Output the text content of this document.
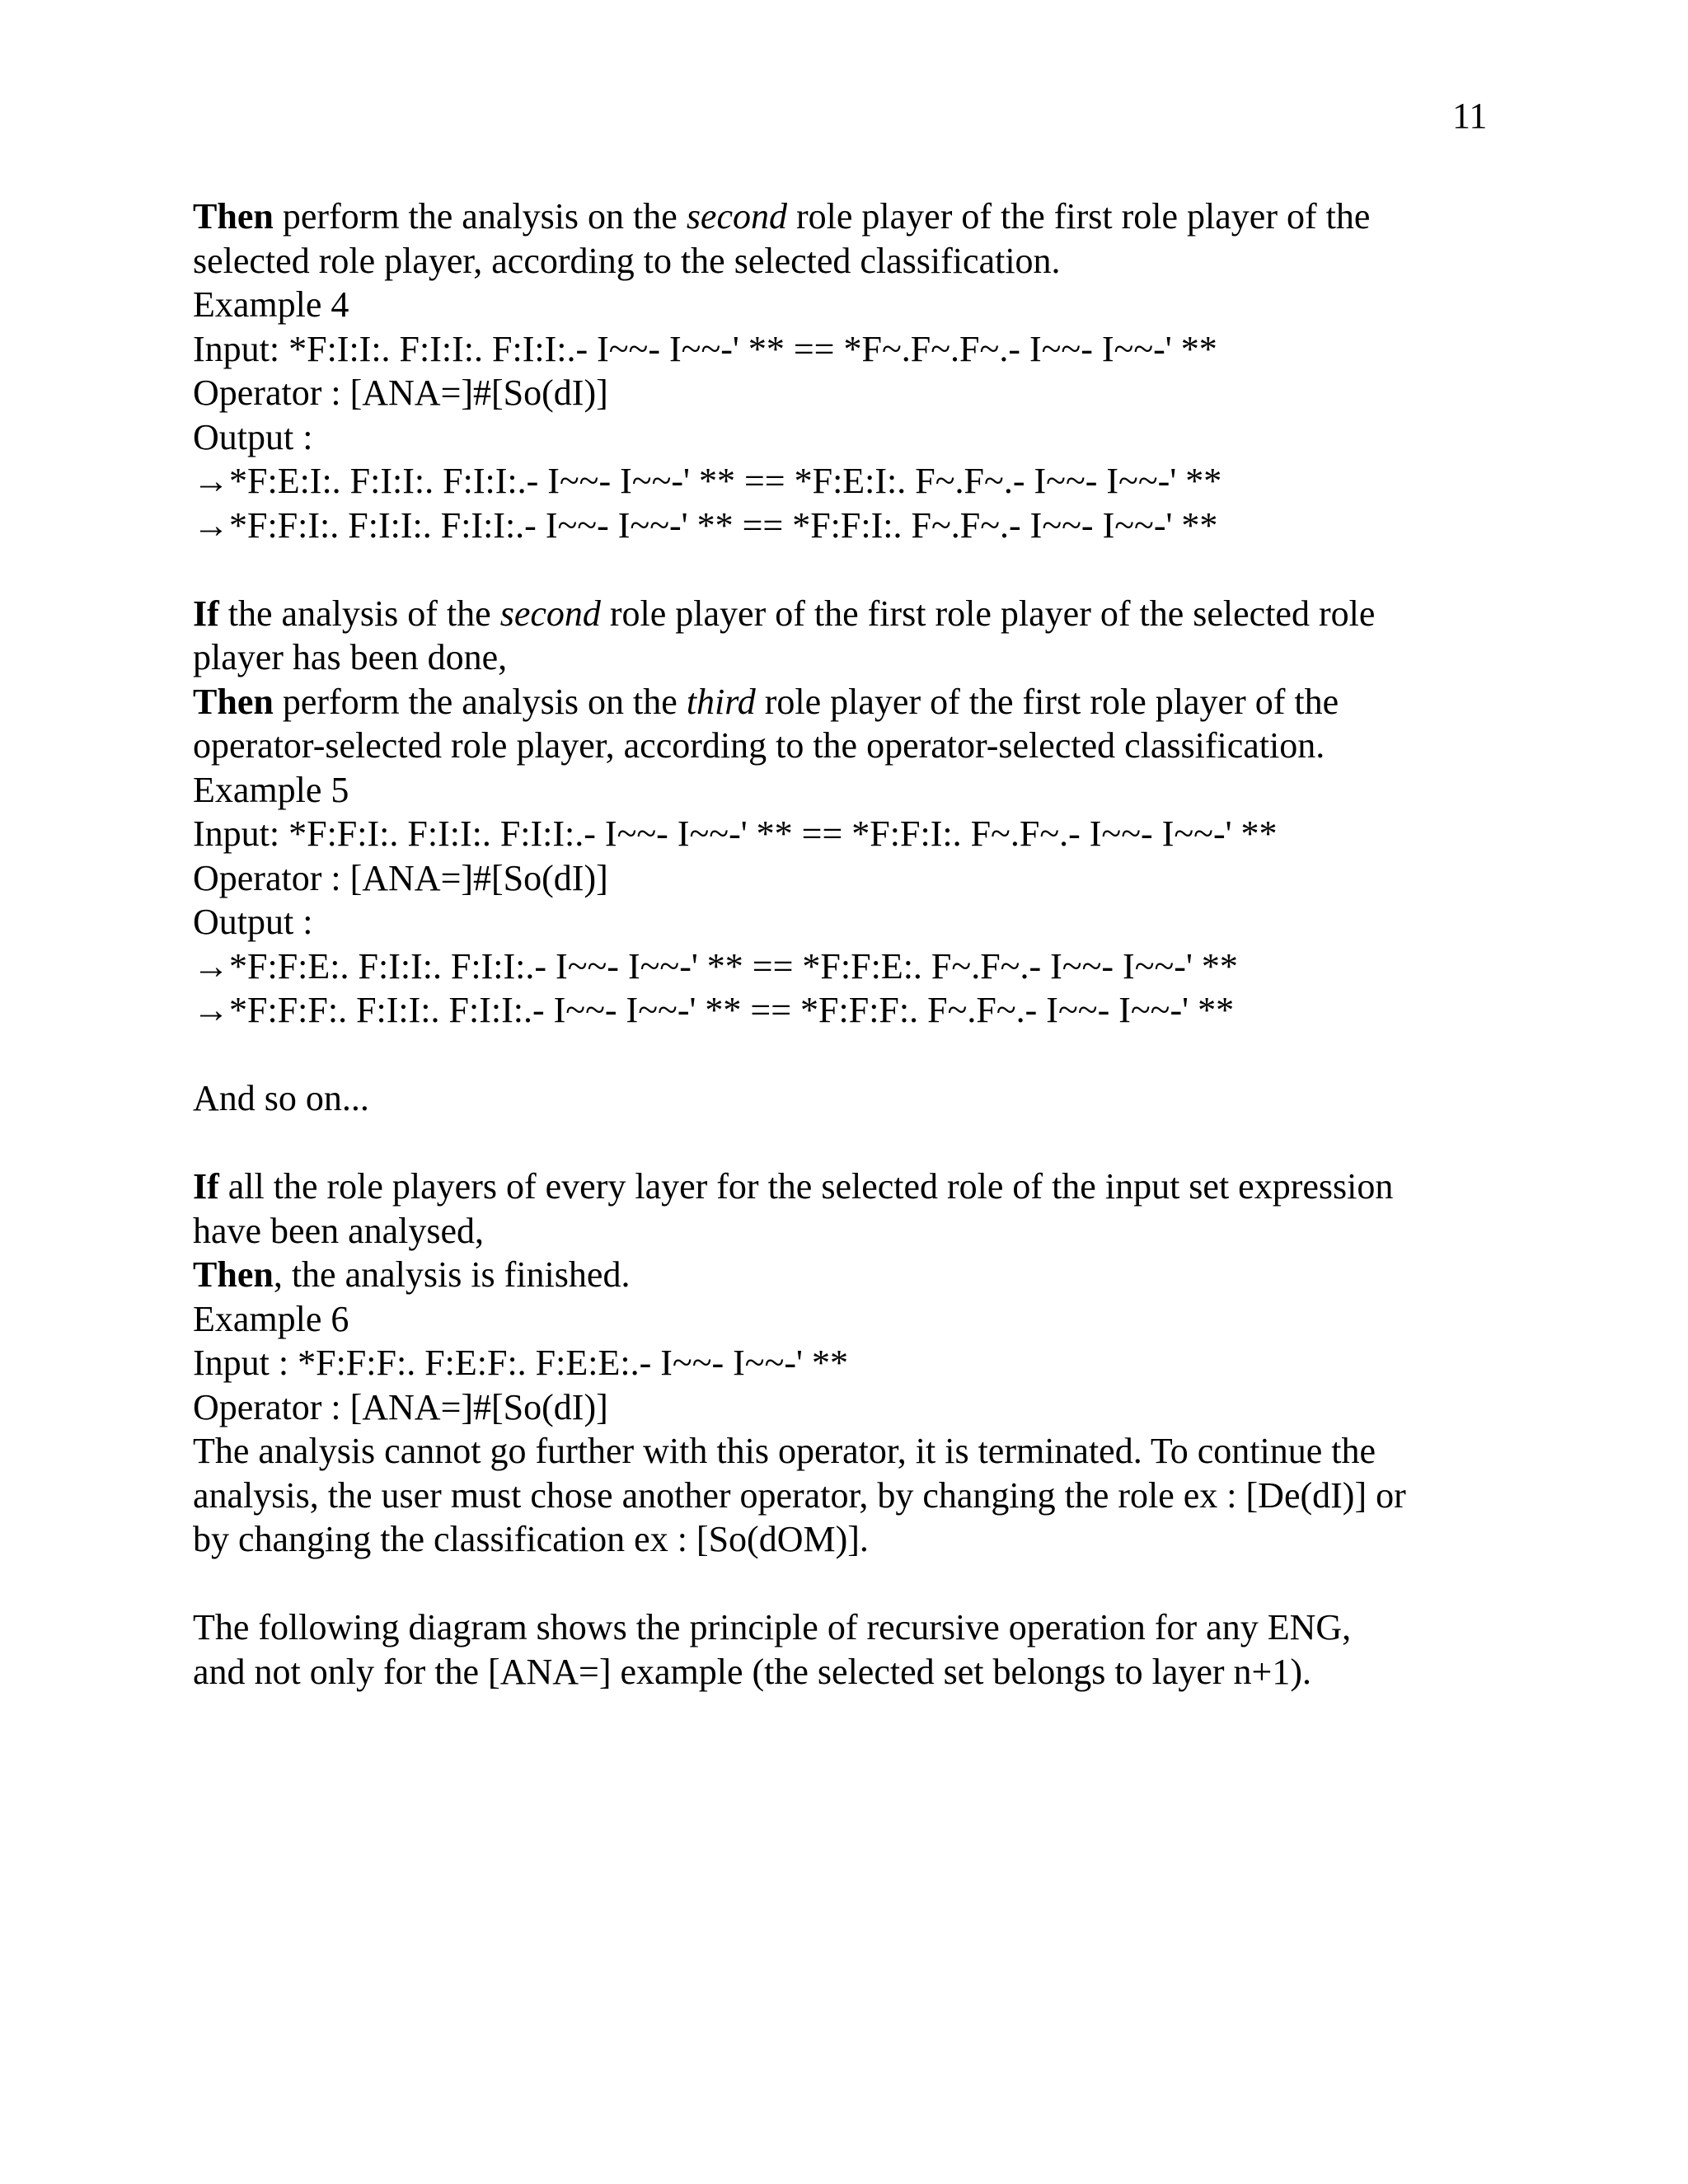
11
Then perform the analysis on the second role player of the first role player of the
selected role player, according to the selected classification.
Example 4
Input: *F:I:I:. F:I:I:. F:I:I:.- I~~- I~~-' ** == *F~.F~.F~.- I~~- I~~-' **
Operator : [ANA=]#[So(dI)]
Output :
→*F:E:I:. F:I:I:. F:I:I:.- I~~- I~~-' ** == *F:E:I:. F~.F~.- I~~- I~~-' **
→*F:F:I:. F:I:I:. F:I:I:.- I~~- I~~-' ** == *F:F:I:. F~.F~.- I~~- I~~-' **
If the analysis of the second role player of the first role player of the selected role
player has been done,
Then perform the analysis on the third role player of the first role player of the
operator-selected role player, according to the operator-selected classification.
Example 5
Input: *F:F:I:. F:I:I:. F:I:I:.- I~~- I~~-' ** == *F:F:I:. F~.F~.- I~~- I~~-' **
Operator : [ANA=]#[So(dI)]
Output :
→*F:F:E:. F:I:I:. F:I:I:.- I~~- I~~-' ** == *F:F:E:. F~.F~.- I~~- I~~-' **
→*F:F:F:. F:I:I:. F:I:I:.- I~~- I~~-' ** == *F:F:F:. F~.F~.- I~~- I~~-' **
And so on...
If all the role players of every layer for the selected role of the input set expression
have been analysed,
Then, the analysis is finished.
Example 6
Input : *F:F:F:. F:E:F:. F:E:E:.- I~~- I~~-' **
Operator : [ANA=]#[So(dI)]
The analysis cannot go further with this operator, it is terminated. To continue the
analysis, the user must chose another operator, by changing the role ex : [De(dI)] or
by changing the classification ex : [So(dOM)].
The following diagram shows the principle of recursive operation for any ENG,
and not only for the [ANA=] example (the selected set belongs to layer n+1).
